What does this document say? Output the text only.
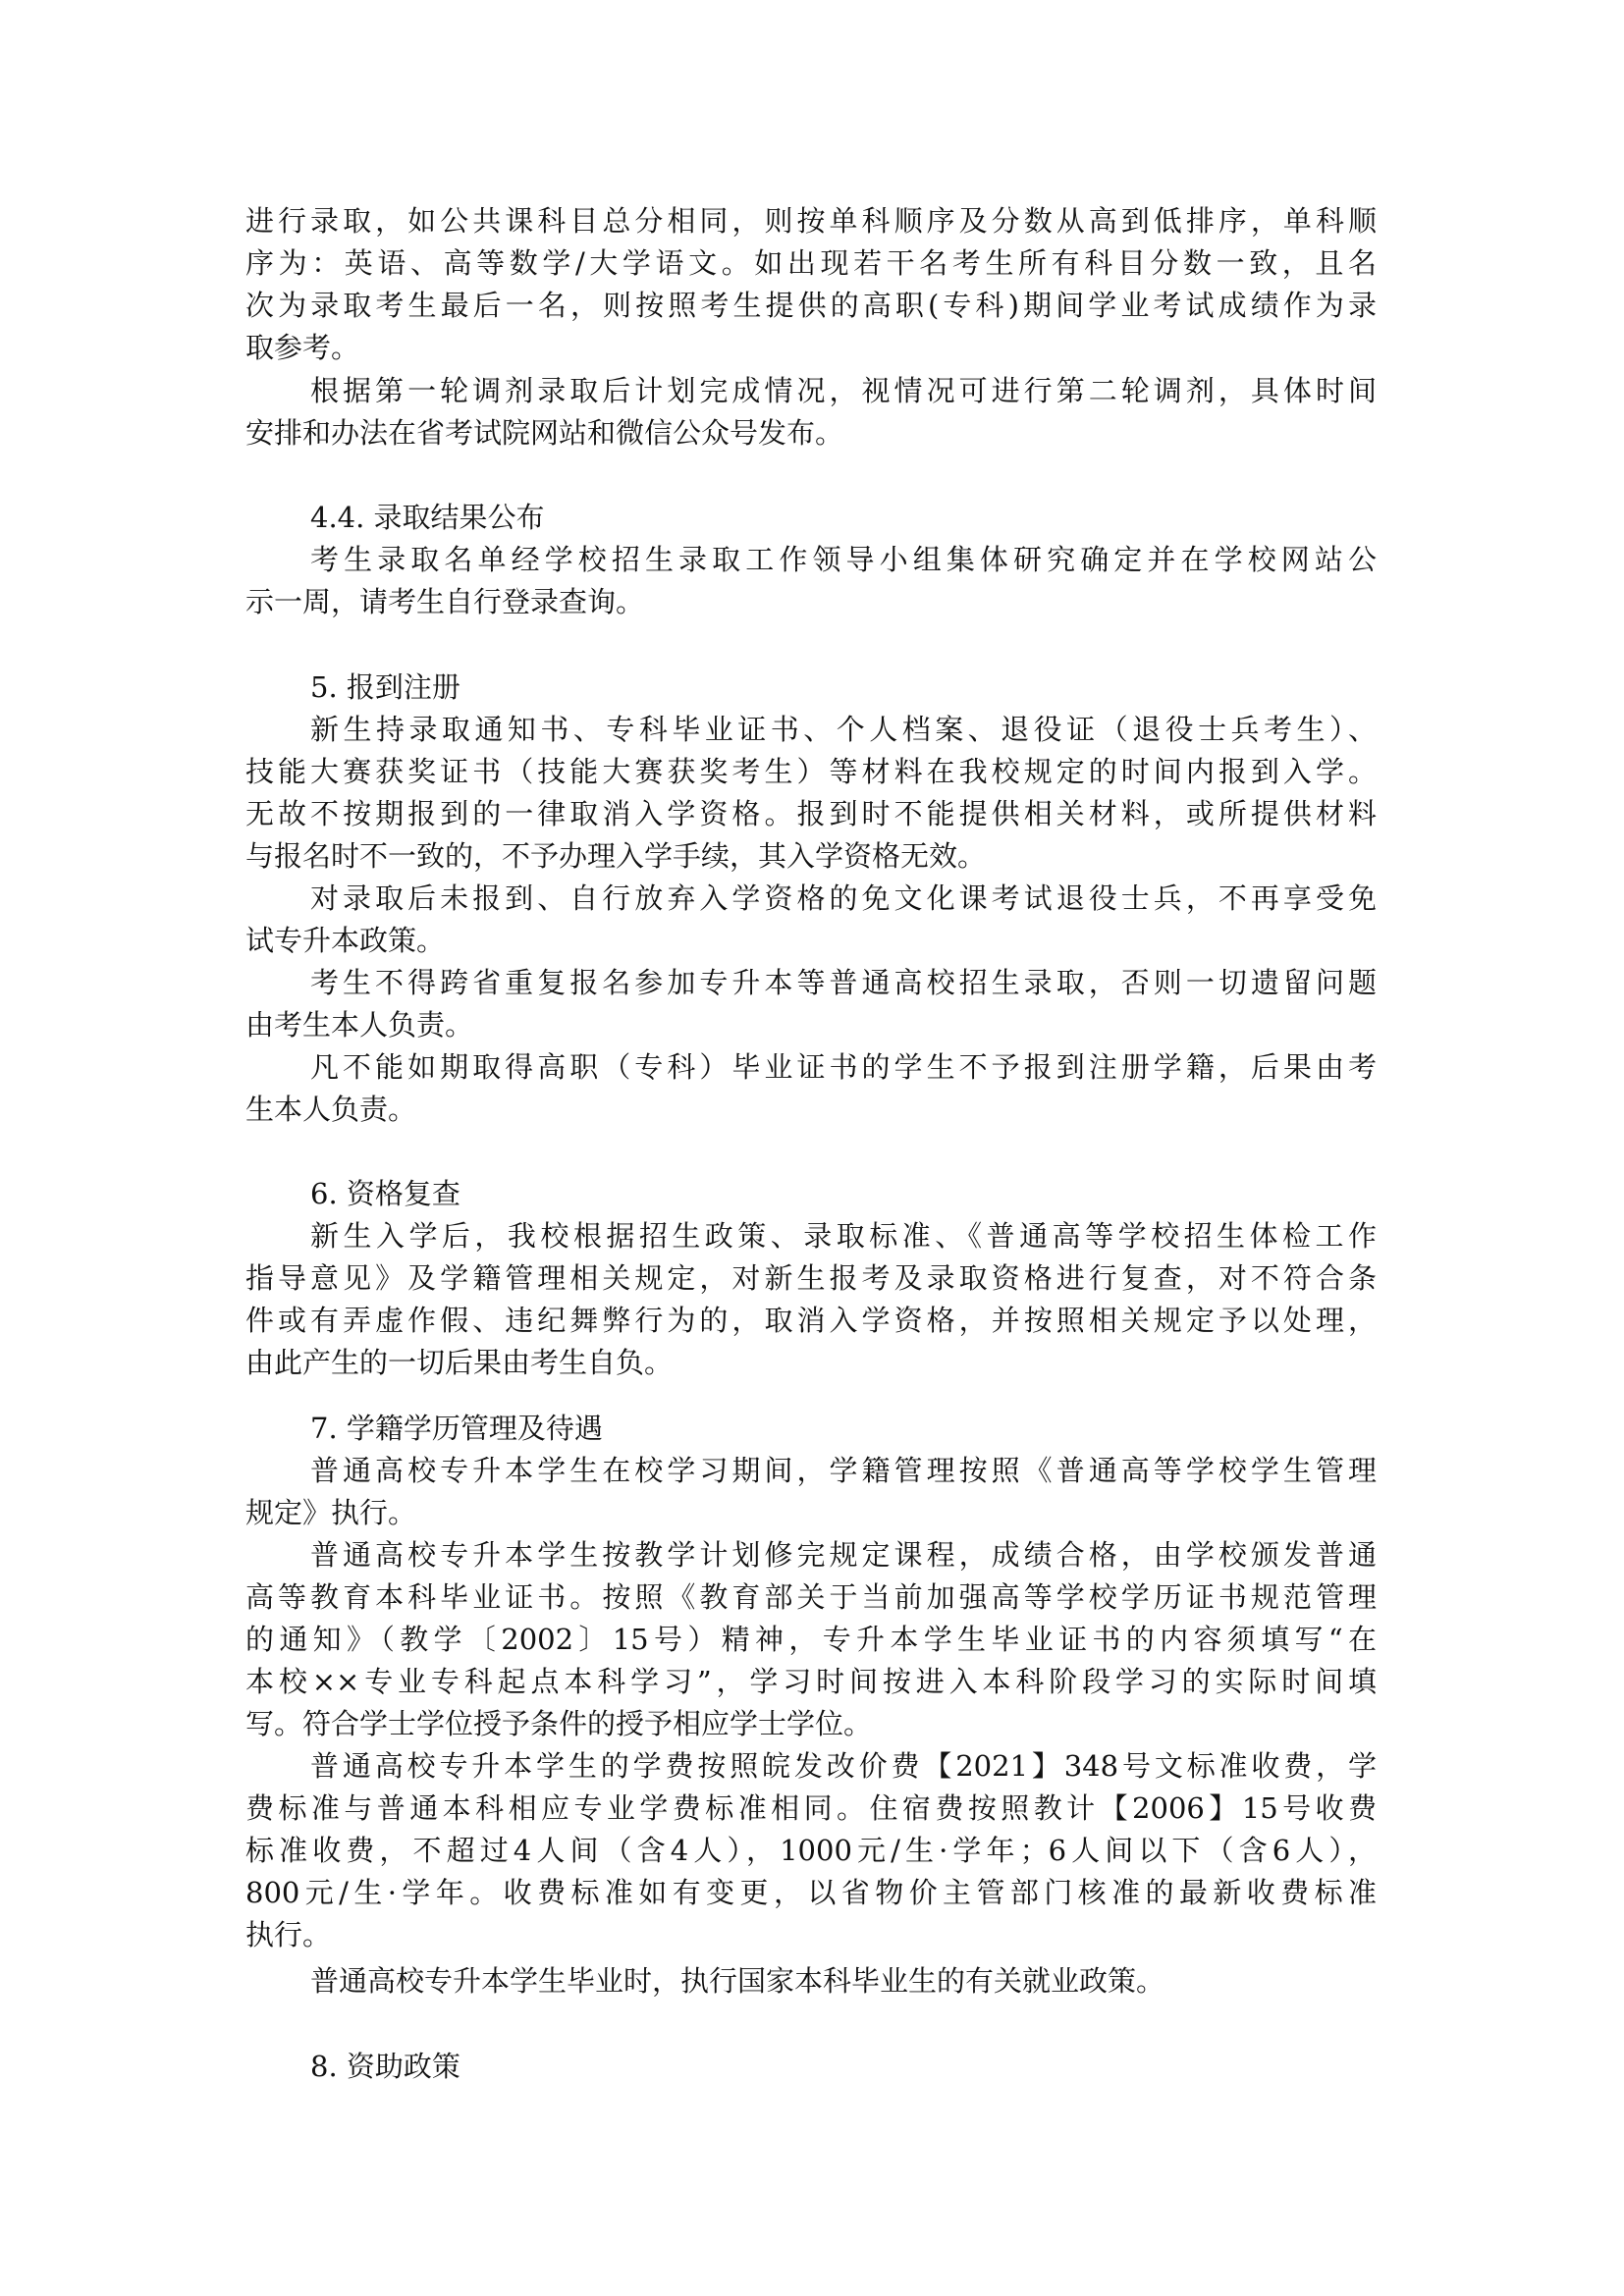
进行录取，如公共课科目总分相同，则按单科顺序及分数从高到低排序，单科顺
序为：英语、高等数学/大学语文。如出现若干名考生所有科目分数一致，且名
次为录取考生最后一名，则按照考生提供的高职(专科)期间学业考试成绩作为录
取参考。
根据第一轮调剂录取后计划完成情况，视情况可进行第二轮调剂，具体时间
安排和办法在省考试院网站和微信公众号发布。
4.4. 录取结果公布
考生录取名单经学校招生录取工作领导小组集体研究确定并在学校网站公
示一周，请考生自行登录查询。
5. 报到注册
新生持录取通知书、专科毕业证书、个人档案、退役证（退役士兵考生）、
技能大赛获奖证书（技能大赛获奖考生）等材料在我校规定的时间内报到入学。
无故不按期报到的一律取消入学资格。报到时不能提供相关材料，或所提供材料
与报名时不一致的，不予办理入学手续，其入学资格无效。
对录取后未报到、自行放弃入学资格的免文化课考试退役士兵，不再享受免
试专升本政策。
考生不得跨省重复报名参加专升本等普通高校招生录取，否则一切遗留问题
由考生本人负责。
凡不能如期取得高职（专科）毕业证书的学生不予报到注册学籍，后果由考
生本人负责。
6. 资格复查
新生入学后，我校根据招生政策、录取标准、《普通高等学校招生体检工作
指导意见》及学籍管理相关规定，对新生报考及录取资格进行复查，对不符合条
件或有弄虚作假、违纪舞弊行为的，取消入学资格，并按照相关规定予以处理，
由此产生的一切后果由考生自负。
7. 学籍学历管理及待遇
普通高校专升本学生在校学习期间，学籍管理按照《普通高等学校学生管理
规定》执行。
普通高校专升本学生按教学计划修完规定课程，成绩合格，由学校颁发普通
高等教育本科毕业证书。按照《教育部关于当前加强高等学校学历证书规范管理
的通知》（教学〔2002〕15号）精神，专升本学生毕业证书的内容须填写“在
本校××专业专科起点本科学习”，学习时间按进入本科阶段学习的实际时间填
写。符合学士学位授予条件的授予相应学士学位。
普通高校专升本学生的学费按照皖发改价费【2021】348号文标准收费，学
费标准与普通本科相应专业学费标准相同。住宿费按照教计【2006】15号收费
标准收费，不超过4人间（含4人），1000元/生·学年；6人间以下（含6人），
800元/生·学年。收费标准如有变更，以省物价主管部门核准的最新收费标准
执行。
普通高校专升本学生毕业时，执行国家本科毕业生的有关就业政策。
8. 资助政策
